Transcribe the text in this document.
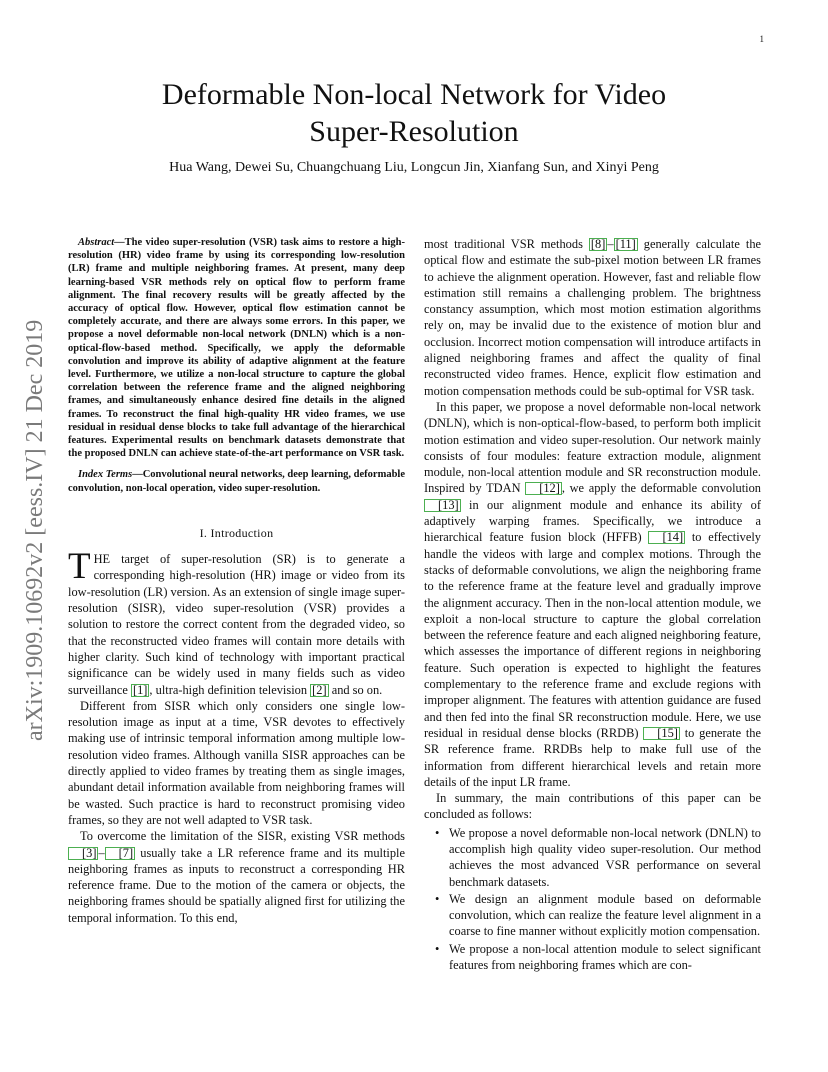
1
arXiv:1909.10692v2 [eess.IV] 21 Dec 2019
Deformable Non-local Network for Video
Super-Resolution
Hua Wang, Dewei Su, Chuangchuang Liu, Longcun Jin, Xianfang Sun, and Xinyi Peng

Abstract—The video super-resolution (VSR) task aims to restore a high-resolution (HR) video frame by using its corresponding low-resolution (LR) frame and multiple neighboring frames. At present, many deep learning-based VSR methods rely on optical flow to perform frame alignment. The final recovery results will be greatly affected by the accuracy of optical flow. However, optical flow estimation cannot be completely accurate, and there are always some errors. In this paper, we propose a novel deformable non-local network (DNLN) which is a non-optical-flow-based method. Specifically, we apply the deformable convolution and improve its ability of adaptive alignment at the feature level. Furthermore, we utilize a non-local structure to capture the global correlation between the reference frame and the aligned neighboring frames, and simultaneously enhance desired fine details in the aligned frames. To reconstruct the final high-quality HR video frames, we use residual in residual dense blocks to take full advantage of the hierarchical features. Experimental results on benchmark datasets demonstrate that the proposed DNLN can achieve state-of-the-art performance on VSR task.

Index Terms—Convolutional neural networks, deep learning, deformable convolution, non-local operation, video super-resolution.

I. Introduction

THE target of super-resolution (SR) is to generate a corresponding high-resolution (HR) image or video from its low-resolution (LR) version. As an extension of single image super-resolution (SISR), video super-resolution (VSR) provides a solution to restore the correct content from the degraded video, so that the reconstructed video frames will contain more details with higher clarity. Such kind of technology with important practical significance can be widely used in many fields such as video surveillance [1] , ultra-high definition television [2] and so on.

Different from SISR which only considers one single low-resolution image as input at a time, VSR devotes to effectively making use of intrinsic temporal information among multiple low-resolution video frames. Although vanilla SISR approaches can be directly applied to video frames by treating them as single images, abundant detail information available from neighboring frames will be wasted. Such practice is hard to reconstruct promising video frames, so they are not well adapted to VSR task.

To overcome the limitation of the SISR, existing VSR methods [3] – [7] usually take a LR reference frame and its multiple neighboring frames as inputs to reconstruct a corresponding HR reference frame. Due to the motion of the camera or objects, the neighboring frames should be spatially aligned first for utilizing the temporal information. To this end,

most traditional VSR methods [8] – [11] generally calculate the optical flow and estimate the sub-pixel motion between LR frames to achieve the alignment operation. However, fast and reliable flow estimation still remains a challenging problem. The brightness constancy assumption, which most motion estimation algorithms rely on, may be invalid due to the existence of motion blur and occlusion. Incorrect motion compensation will introduce artifacts in aligned neighboring frames and affect the quality of final reconstructed video frames. Hence, explicit flow estimation and motion compensation methods could be sub-optimal for VSR task.

In this paper, we propose a novel deformable non-local network (DNLN), which is non-optical-flow-based, to perform both implicit motion estimation and video super-resolution. Our network mainly consists of four modules: feature extraction module, alignment module, non-local attention module and SR reconstruction module. Inspired by TDAN [12] , we apply the deformable convolution [13] in our alignment module and enhance its ability of adaptively warping frames. Specifically, we introduce a hierarchical feature fusion block (HFFB) [14] to effectively handle the videos with large and complex motions. Through the stacks of deformable convolutions, we align the neighboring frame to the reference frame at the feature level and gradually improve the alignment accuracy. Then in the non-local attention module, we exploit a non-local structure to capture the global correlation between the reference feature and each aligned neighboring feature, which assesses the importance of different regions in neighboring feature. Such operation is expected to highlight the features complementary to the reference frame and exclude regions with improper alignment. The features with attention guidance are fused and then fed into the final SR reconstruction module. Here, we use residual in residual dense blocks (RRDB) [15] to generate the SR reference frame. RRDBs help to make full use of the information from different hierarchical levels and retain more details of the input LR frame.

In summary, the main contributions of this paper can be concluded as follows:

• We propose a novel deformable non-local network (DNLN) to accomplish high quality video super-resolution. Our method achieves the most advanced VSR performance on several benchmark datasets.
• We design an alignment module based on deformable convolution, which can realize the feature level alignment in a coarse to fine manner without explicitly motion compensation.
• We propose a non-local attention module to select significant features from neighboring frames which are con-
